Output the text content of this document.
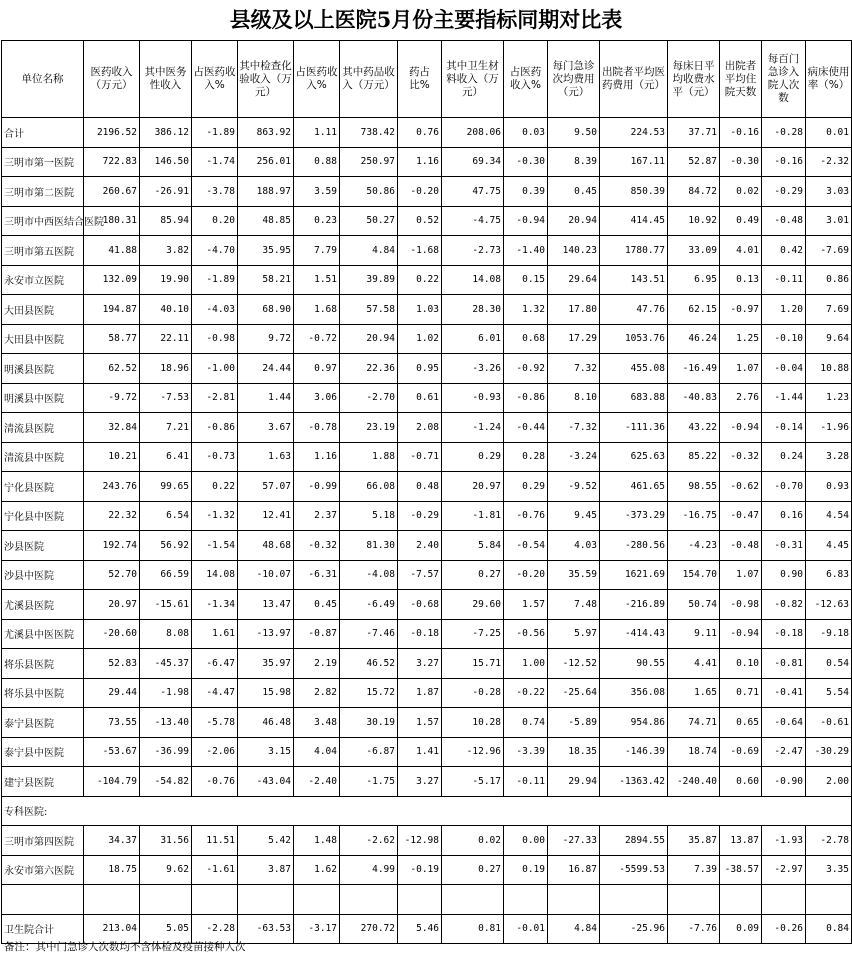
县级及以上医院5月份主要指标同期对比表
单位名称	医药收入（万元）	其中医务性收入	占医药收入%	其中检查化验收入（万元）	占医药收入%	其中药品收入（万元）	药占比%	其中卫生材料收入（万元）	占医药收入%	每门急诊次均费用（元）	出院者平均医药费用（元）	每床日平均收费水平（元）	出院者平均住院天数	每百门急诊入院人次数	病床使用率（%）
合计	2196.52	386.12	-1.89	863.92	1.11	738.42	0.76	208.06	0.03	9.50	224.53	37.71	-0.16	-0.28	0.01
三明市第一医院	722.83	146.50	-1.74	256.01	0.88	250.97	1.16	69.34	-0.30	8.39	167.11	52.87	-0.30	-0.16	-2.32
三明市第二医院	260.67	-26.91	-3.78	188.97	3.59	50.86	-0.20	47.75	0.39	0.45	850.39	84.72	0.02	-0.29	3.03
三明市中西医结合医院	180.31	85.94	0.20	48.85	0.23	50.27	0.52	-4.75	-0.94	20.94	414.45	10.92	0.49	-0.48	3.01
三明市第五医院	41.88	3.82	-4.70	35.95	7.79	4.84	-1.68	-2.73	-1.40	140.23	1780.77	33.09	4.01	0.42	-7.69
永安市立医院	132.09	19.90	-1.89	58.21	1.51	39.89	0.22	14.08	0.15	29.64	143.51	6.95	0.13	-0.11	0.86
大田县医院	194.87	40.10	-4.03	68.90	1.68	57.58	1.03	28.30	1.32	17.80	47.76	62.15	-0.97	1.20	7.69
大田县中医院	58.77	22.11	-0.98	9.72	-0.72	20.94	1.02	6.01	0.68	17.29	1053.76	46.24	1.25	-0.10	9.64
明溪县医院	62.52	18.96	-1.00	24.44	0.97	22.36	0.95	-3.26	-0.92	7.32	455.08	-16.49	1.07	-0.04	10.88
明溪县中医院	-9.72	-7.53	-2.81	1.44	3.06	-2.70	0.61	-0.93	-0.86	8.10	683.88	-40.83	2.76	-1.44	1.23
清流县医院	32.84	7.21	-0.86	3.67	-0.78	23.19	2.08	-1.24	-0.44	-7.32	-111.36	43.22	-0.94	-0.14	-1.96
清流县中医院	10.21	6.41	-0.73	1.63	1.16	1.88	-0.71	0.29	0.28	-3.24	625.63	85.22	-0.32	0.24	3.28
宁化县医院	243.76	99.65	0.22	57.07	-0.99	66.08	0.48	20.97	0.29	-9.52	461.65	98.55	-0.62	-0.70	0.93
宁化县中医院	22.32	6.54	-1.32	12.41	2.37	5.18	-0.29	-1.81	-0.76	9.45	-373.29	-16.75	-0.47	0.16	4.54
沙县医院	192.74	56.92	-1.54	48.68	-0.32	81.30	2.40	5.84	-0.54	4.03	-280.56	-4.23	-0.48	-0.31	4.45
沙县中医院	52.70	66.59	14.08	-10.07	-6.31	-4.08	-7.57	0.27	-0.20	35.59	1621.69	154.70	1.07	0.90	6.83
尤溪县医院	20.97	-15.61	-1.34	13.47	0.45	-6.49	-0.68	29.60	1.57	7.48	-216.89	50.74	-0.98	-0.82	-12.63
尤溪县中医医院	-20.60	8.08	1.61	-13.97	-0.87	-7.46	-0.18	-7.25	-0.56	5.97	-414.43	9.11	-0.94	-0.18	-9.18
将乐县医院	52.83	-45.37	-6.47	35.97	2.19	46.52	3.27	15.71	1.00	-12.52	90.55	4.41	0.10	-0.81	0.54
将乐县中医院	29.44	-1.98	-4.47	15.98	2.82	15.72	1.87	-0.28	-0.22	-25.64	356.08	1.65	0.71	-0.41	5.54
泰宁县医院	73.55	-13.40	-5.78	46.48	3.48	30.19	1.57	10.28	0.74	-5.89	954.86	74.71	0.65	-0.64	-0.61
泰宁县中医院	-53.67	-36.99	-2.06	3.15	4.04	-6.87	1.41	-12.96	-3.39	18.35	-146.39	18.74	-0.69	-2.47	-30.29
建宁县医院	-104.79	-54.82	-0.76	-43.04	-2.40	-1.75	3.27	-5.17	-0.11	29.94	-1363.42	-240.40	0.60	-0.90	2.00
专科医院:															
三明市第四医院	34.37	31.56	11.51	5.42	1.48	-2.62	-12.98	0.02	0.00	-27.33	2894.55	35.87	13.87	-1.93	-2.78
永安市第六医院	18.75	9.62	-1.61	3.87	1.62	4.99	-0.19	0.27	0.19	16.87	-5599.53	7.39	-38.57	-2.97	3.35

卫生院合计	213.04	5.05	-2.28	-63.53	-3.17	270.72	5.46	0.81	-0.01	4.84	-25.96	-7.76	0.09	-0.26	0.84
备注：其中门急诊人次数均不含体检及疫苗接种人次
